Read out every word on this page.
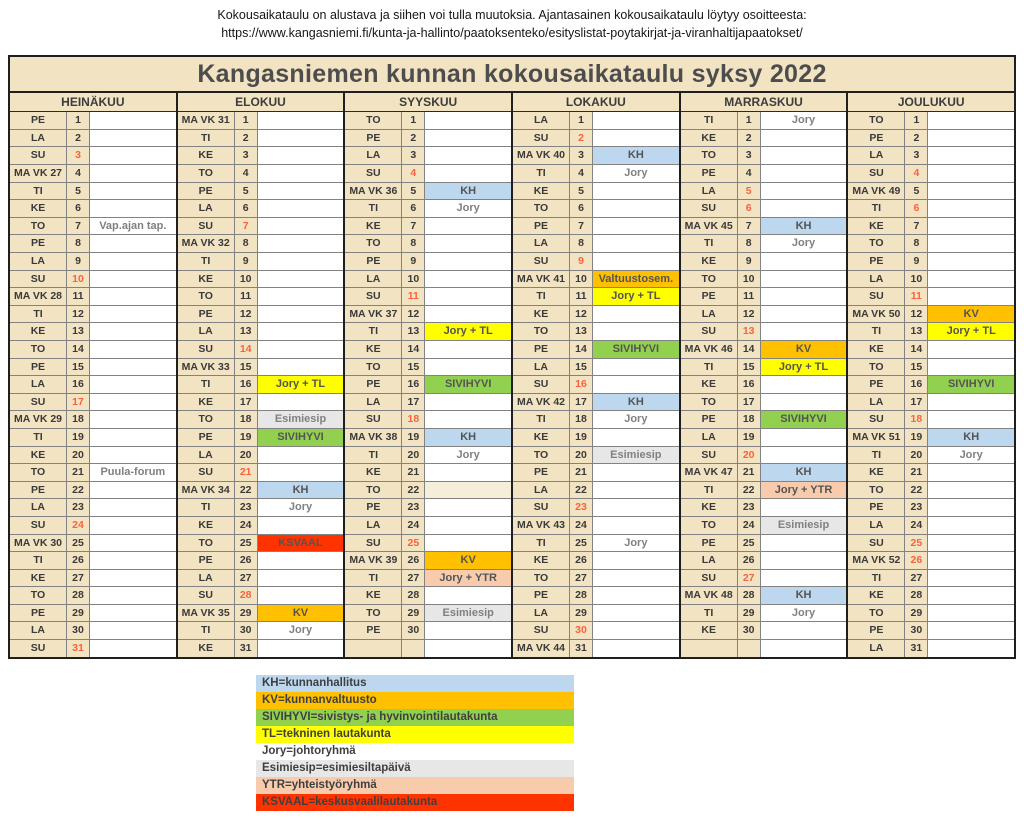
Kokousaikataulu on alustava ja siihen voi tulla muutoksia. Ajantasainen kokousaikataulu löytyy osoitteesta:
https://www.kangasniemi.fi/kunta-ja-hallinto/paatoksenteko/esityslistat-poytakirjat-ja-viranhaltijapaatokset/
Kangasniemen kunnan kokousaikataulu syksy 2022
HEINÄKUU
PE	1
LA	2
SU	3
MA VK 27	4
TI	5
KE	6
TO	7	Vap.ajan tap.
PE	8
LA	9
SU	10
MA VK 28 11
TI	12
KE	13
TO	14
PE	15
LA	16
SU	17
MA VK 29 18
TI	19
KE	20
TO	21	Puula-forum
PE	22
LA	23
SU	24
MA VK 30 25
TI	26
KE	27
TO	28
PE	29
LA	30
SU	31
ELOKUU
MA VK 31	1
TI	2
KE	3
TO	4
PE	5
LA	6
SU	7
MA VK 32	8
TI	9
KE	10
TO	11
PE	12
LA	13
SU	14
MA VK 33 15
TI	16	Jory + TL
KE	17
TO	18	Esimiesip
PE	19	SIVIHYVI
LA	20
SU	21
MA VK 34 22	KH
TI	23	Jory
KE	24
TO	25	KSVAAL
PE	26
LA	27
SU	28
MA VK 35 29	KV
TI	30	Jory
KE	31
SYYSKUU
TO	1
PE	2
LA	3
SU	4
MA VK 36	5	KH
TI	6	Jory
KE	7
TO	8
PE	9
LA	10
SU	11
MA VK 37 12
TI	13	Jory + TL
KE	14
TO	15
PE	16	SIVIHYVI
LA	17
SU	18
MA VK 38 19	KH
TI	20	Jory
KE	21
TO	22
PE	23
LA	24
SU	25
MA VK 39 26	KV
TI	27	Jory + YTR
KE	28
TO	29	Esimiesip
PE	30
LOKAKUU
LA	1
SU	2
MA VK 40	3	KH
TI	4	Jory
KE	5
TO	6
PE	7
LA	8
SU	9
MA VK 41 10	Valtuustosem.
TI	11	Jory + TL
KE	12
TO	13
PE	14	SIVIHYVI
LA	15
SU	16
MA VK 42 17	KH
TI	18	Jory
KE	19
TO	20	Esimiesip
PE	21
LA	22
SU	23
MA VK 43 24
TI	25	Jory
KE	26
TO	27
PE	28
LA	29
SU	30
MA VK 44 31
MARRASKUU
TI	1	Jory
KE	2
TO	3
PE	4
LA	5
SU	6
MA VK 45	7	KH
TI	8	Jory
KE	9
TO	10
PE	11
LA	12
SU	13
MA VK 46 14	KV
TI	15	Jory + TL
KE	16
TO	17
PE	18	SIVIHYVI
LA	19
SU	20
MA VK 47 21	KH
TI	22	Jory + YTR
KE	23
TO	24	Esimiesip
PE	25
LA	26
SU	27
MA VK 48 28	KH
TI	29	Jory
KE	30
JOULUKUU
TO	1
PE	2
LA	3
SU	4
MA VK 49	5
TI	6
KE	7
TO	8
PE	9
LA	10
SU	11
MA VK 50 12	KV
TI	13	Jory + TL
KE	14
TO	15
PE	16	SIVIHYVI
LA	17
SU	18
MA VK 51 19	KH
TI	20	Jory
KE	21
TO	22
PE	23
LA	24
SU	25
MA VK 52 26
TI	27
KE	28
TO	29
PE	30
LA	31
KH=kunnanhallitus
KV=kunnanvaltuusto
SIVIHYVI=sivistys- ja hyvinvointilautakunta
TL=tekninen lautakunta
Jory=johtoryhmä
Esimiesip=esimiesiltapäivä
YTR=yhteistyöryhmä
KSVAAL=keskusvaalilautakunta
